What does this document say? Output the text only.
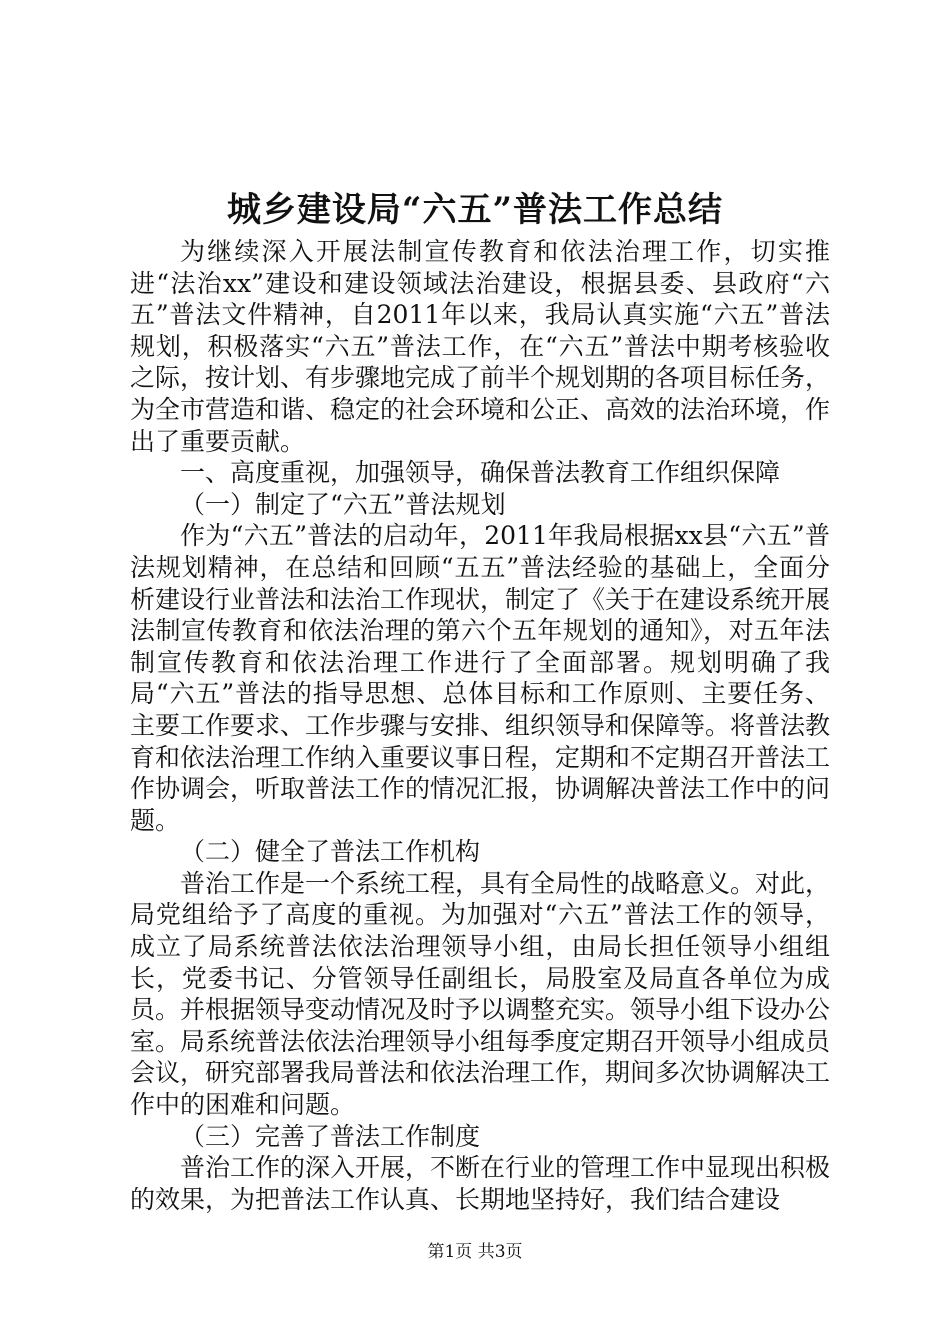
城乡建设局“六五”普法工作总结

为继续深入开展法制宣传教育和依法治理工作，切实推进“法治xx”建设和建设领域法治建设，根据县委、县政府“六五”普法文件精神，自2011年以来，我局认真实施“六五”普法规划，积极落实“六五”普法工作，在“六五”普法中期考核验收之际，按计划、有步骤地完成了前半个规划期的各项目标任务，为全市营造和谐、稳定的社会环境和公正、高效的法治环境，作出了重要贡献。

一、高度重视，加强领导，确保普法教育工作组织保障

（一）制定了“六五”普法规划

作为“六五”普法的启动年，2011年我局根据xx县“六五”普法规划精神，在总结和回顾“五五”普法经验的基础上，全面分析建设行业普法和法治工作现状，制定了《关于在建设系统开展法制宣传教育和依法治理的第六个五年规划的通知》，对五年法制宣传教育和依法治理工作进行了全面部署。规划明确了我局“六五”普法的指导思想、总体目标和工作原则、主要任务、主要工作要求、工作步骤与安排、组织领导和保障等。将普法教育和依法治理工作纳入重要议事日程，定期和不定期召开普法工作协调会，听取普法工作的情况汇报，协调解决普法工作中的问题。

（二）健全了普法工作机构

普治工作是一个系统工程，具有全局性的战略意义。对此，局党组给予了高度的重视。为加强对“六五”普法工作的领导，成立了局系统普法依法治理领导小组，由局长担任领导小组组长，党委书记、分管领导任副组长，局股室及局直各单位为成员。并根据领导变动情况及时予以调整充实。领导小组下设办公室。局系统普法依法治理领导小组每季度定期召开领导小组成员会议，研究部署我局普法和依法治理工作，期间多次协调解决工作中的困难和问题。

（三）完善了普法工作制度

普治工作的深入开展，不断在行业的管理工作中显现出积极的效果，为把普法工作认真、长期地坚持好，我们结合建设

第1页 共3页
